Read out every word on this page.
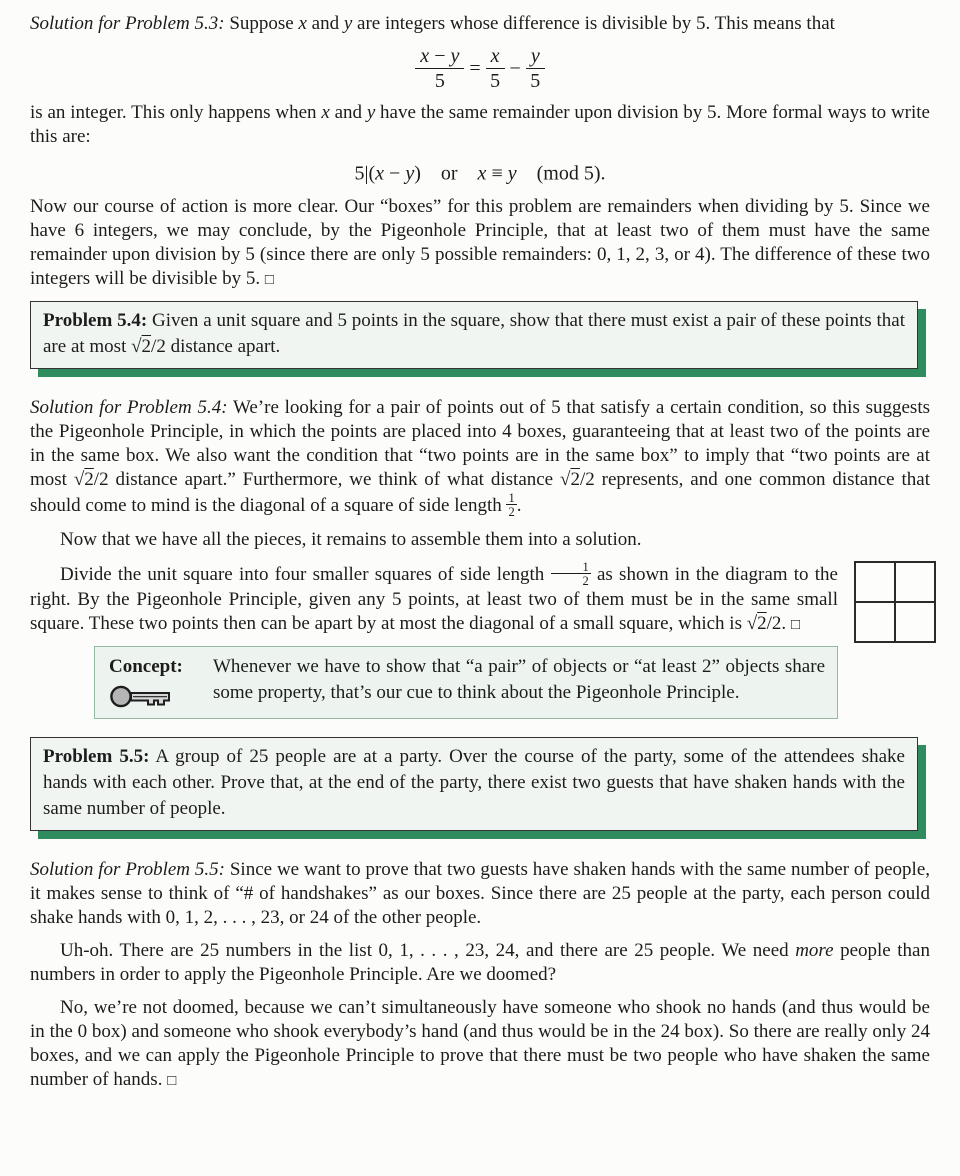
Solution for Problem 5.3: Suppose x and y are integers whose difference is divisible by 5. This means that

$\frac{x - y}{5} = \frac{x}{5} - \frac{y}{5}$

is an integer. This only happens when x and y have the same remainder upon division by 5. More formal ways to write this are:

5|(x − y)  or  x ≡ y  (mod 5).

Now our course of action is more clear. Our “boxes” for this problem are remainders when dividing by 5. Since we have 6 integers, we may conclude, by the Pigeonhole Principle, that at least two of them must have the same remainder upon division by 5 (since there are only 5 possible remainders: 0, 1, 2, 3, or 4). The difference of these two integers will be divisible by 5. □

Problem 5.4: Given a unit square and 5 points in the square, show that there must exist a pair of these points that are at most √2/2 distance apart.

Solution for Problem 5.4: We’re looking for a pair of points out of 5 that satisfy a certain condition, so this suggests the Pigeonhole Principle, in which the points are placed into 4 boxes, guaranteeing that at least two of the points are in the same box. We also want the condition that “two points are in the same box” to imply that “two points are at most √2/2 distance apart.” Furthermore, we think of what distance √2/2 represents, and one common distance that should come to mind is the diagonal of a square of side length $\frac{1}{2}$ .

Now that we have all the pieces, it remains to assemble them into a solution.

Divide the unit square into four smaller squares of side length $\frac{1}{2}$ as shown in the diagram to the right. By the Pigeonhole Principle, given any 5 points, at least two of them must be in the same small square. These two points then can be apart by at most the diagonal of a small square, which is √2/2. □

Concept: Whenever we have to show that “a pair” of objects or “at least 2” objects share some property, that’s our cue to think about the Pigeonhole Principle.
Problem 5.5: A group of 25 people are at a party. Over the course of the party, some of the attendees shake hands with each other. Prove that, at the end of the party, there exist two guests that have shaken hands with the same number of people.

Solution for Problem 5.5: Since we want to prove that two guests have shaken hands with the same number of people, it makes sense to think of “# of handshakes” as our boxes. Since there are 25 people at the party, each person could shake hands with 0, 1, 2, . . . , 23, or 24 of the other people.

Uh-oh. There are 25 numbers in the list 0, 1, . . . , 23, 24, and there are 25 people. We need more people than numbers in order to apply the Pigeonhole Principle. Are we doomed?

No, we’re not doomed, because we can’t simultaneously have someone who shook no hands (and thus would be in the 0 box) and someone who shook everybody’s hand (and thus would be in the 24 box). So there are really only 24 boxes, and we can apply the Pigeonhole Principle to prove that there must be two people who have shaken the same number of hands. □
